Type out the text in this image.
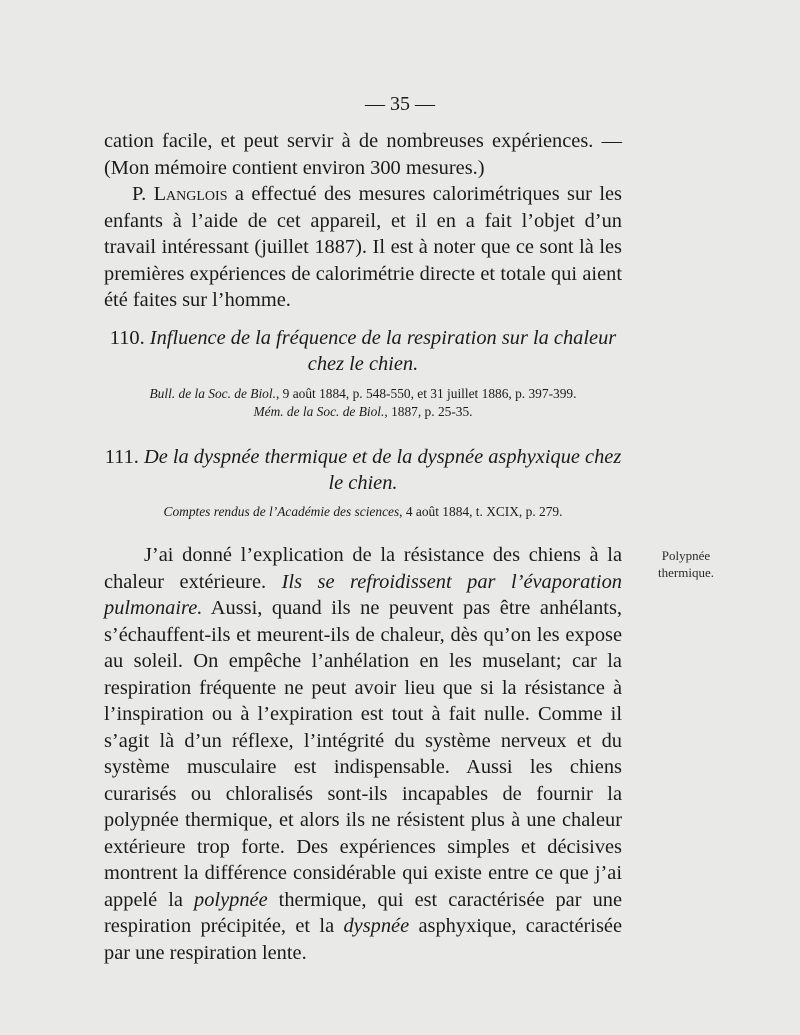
— 35 —

cation facile, et peut servir à de nombreuses expériences. — (Mon mémoire contient environ 300 mesures.)

P. Langlois a effectué des mesures calorimétriques sur les enfants à l’aide de cet appareil, et il en a fait l’objet d’un travail intéressant (juillet 1887). Il est à noter que ce sont là les premières expériences de calorimétrie directe et totale qui aient été faites sur l’homme.

110. Influence de la fréquence de la respiration sur la chaleur chez le chien.

Bull. de la Soc. de Biol., 9 août 1884, p. 548-550, et 31 juillet 1886, p. 397-399.
Mém. de la Soc. de Biol., 1887, p. 25-35.

111. De la dyspnée thermique et de la dyspnée asphyxique chez le chien.

Comptes rendus de l’Académie des sciences, 4 août 1884, t. XCIX, p. 279.

J’ai donné l’explication de la résistance des chiens à la chaleur extérieure. Ils se refroidissent par l’évaporation pulmonaire. Aussi, quand ils ne peuvent pas être anhélants, s’échauffent-ils et meurent-ils de chaleur, dès qu’on les expose au soleil. On empêche l’anhélation en les muselant; car la respiration fréquente ne peut avoir lieu que si la résistance à l’inspiration ou à l’expiration est tout à fait nulle. Comme il s’agit là d’un réflexe, l’intégrité du système nerveux et du système musculaire est indispensable. Aussi les chiens curarisés ou chloralisés sont-ils incapables de fournir la polypnée thermique, et alors ils ne résistent plus à une chaleur extérieure trop forte. Des expériences simples et décisives montrent la différence considérable qui existe entre ce que j’ai appelé la polypnée thermique, qui est caractérisée par une respiration précipitée, et la dyspnée asphyxique, caractérisée par une respiration lente.

Polypnée
thermique.
